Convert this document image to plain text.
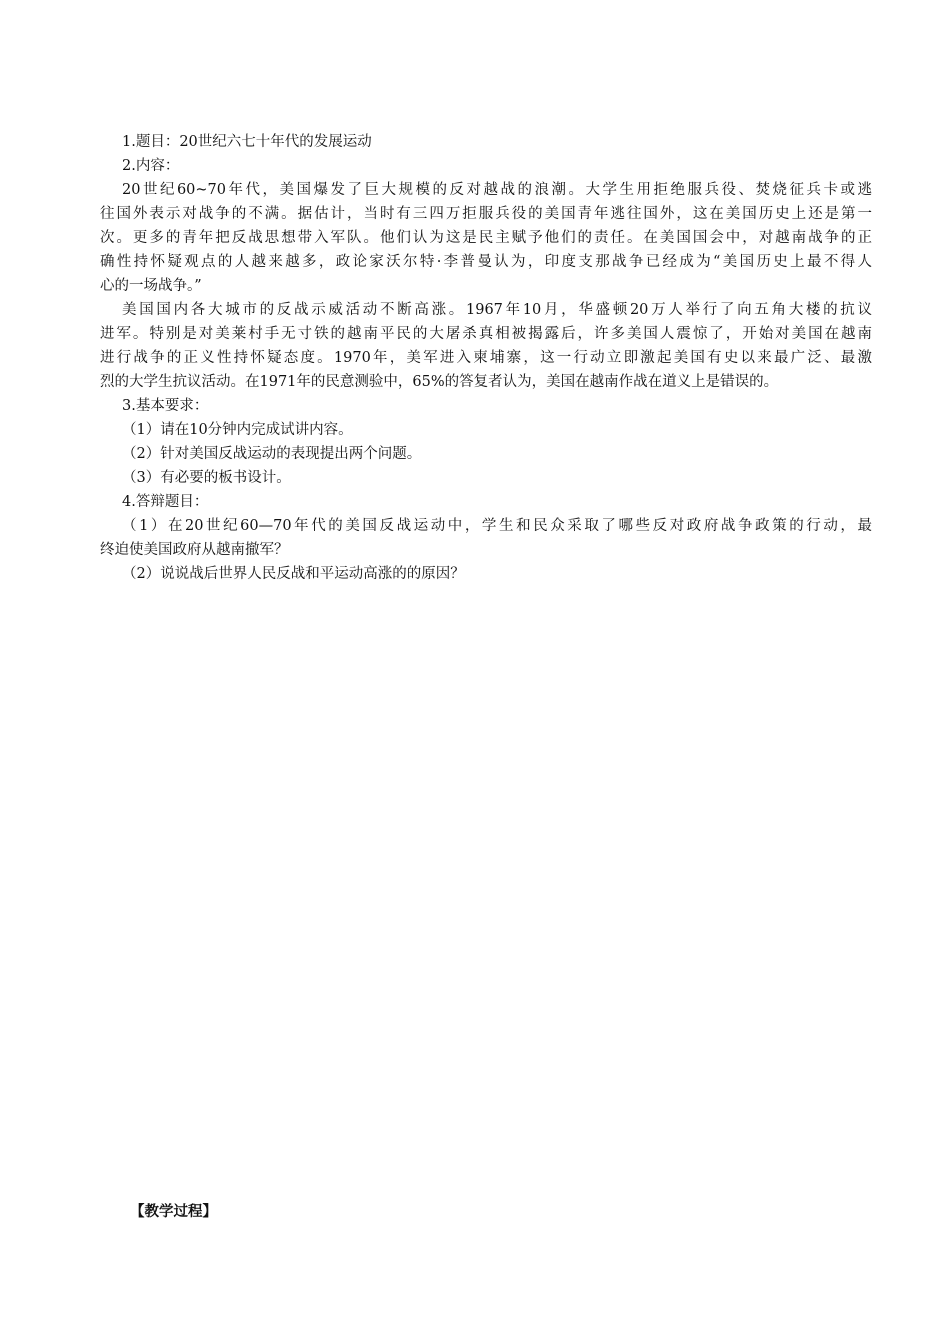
1.题目：20世纪六七十年代的发展运动

2.内容：

20世纪60~70年代，美国爆发了巨大规模的反对越战的浪潮。大学生用拒绝服兵役、焚烧征兵卡或逃
往国外表示对战争的不满。据估计，当时有三四万拒服兵役的美国青年逃往国外，这在美国历史上还是第一
次。更多的青年把反战思想带入军队。他们认为这是民主赋予他们的责任。在美国国会中，对越南战争的正
确性持怀疑观点的人越来越多，政论家沃尔特·李普曼认为，印度支那战争已经成为“美国历史上最不得人
心的一场战争。”
美国国内各大城市的反战示威活动不断高涨。1967年10月，华盛顿20万人举行了向五角大楼的抗议
进军。特别是对美莱村手无寸铁的越南平民的大屠杀真相被揭露后，许多美国人震惊了，开始对美国在越南
进行战争的正义性持怀疑态度。1970年，美军进入柬埔寨，这一行动立即激起美国有史以来最广泛、最激
烈的大学生抗议活动。在1971年的民意测验中，65%的答复者认为，美国在越南作战在道义上是错误的。

3.基本要求：

（1）请在10分钟内完成试讲内容。

（2）针对美国反战运动的表现提出两个问题。

（3）有必要的板书设计。

4.答辩题目：

（1）在20世纪60—70年代的美国反战运动中，学生和民众采取了哪些反对政府战争政策的行动，最
终迫使美国政府从越南撤军？

（2）说说战后世界人民反战和平运动高涨的的原因？

【教学过程】
